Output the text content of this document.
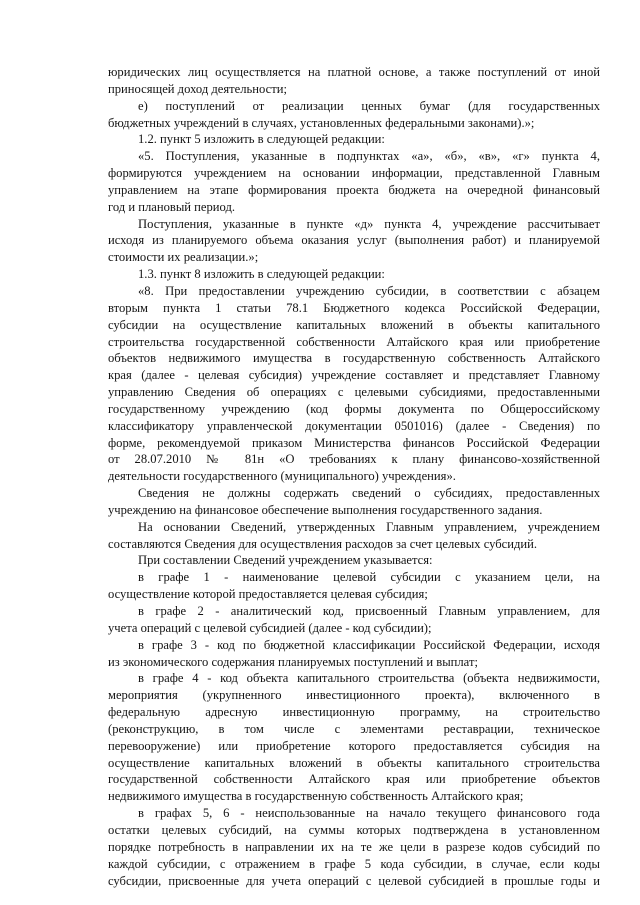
юридических лиц осуществляется на платной основе, а также поступлений от иной
приносящей доход деятельности;
е) поступлений от реализации ценных бумаг (для государственных
бюджетных учреждений в случаях, установленных федеральными законами).»;
1.2. пункт 5 изложить в следующей редакции:
«5. Поступления, указанные в подпунктах «а», «б», «в», «г» пункта 4,
формируются учреждением на основании информации, представленной Главным
управлением на этапе формирования проекта бюджета на очередной финансовый
год и плановый период.
Поступления, указанные в пункте «д» пункта 4, учреждение рассчитывает
исходя из планируемого объема оказания услуг (выполнения работ) и планируемой
стоимости их реализации.»;
1.3. пункт 8 изложить в следующей редакции:
«8. При предоставлении учреждению субсидии, в соответствии с абзацем
вторым пункта 1 статьи 78.1 Бюджетного кодекса Российской Федерации,
субсидии на осуществление капитальных вложений в объекты капитального
строительства государственной собственности Алтайского края или приобретение
объектов недвижимого имущества в государственную собственность Алтайского
края (далее - целевая субсидия) учреждение составляет и представляет Главному
управлению Сведения об операциях с целевыми субсидиями, предоставленными
государственному учреждению (код формы документа по Общероссийскому
классификатору управленческой документации 0501016) (далее - Сведения) по
форме, рекомендуемой приказом Министерства финансов Российской Федерации
от 28.07.2010 № 81н «О требованиях к плану финансово-хозяйственной
деятельности государственного (муниципального) учреждения».
Сведения не должны содержать сведений о субсидиях, предоставленных
учреждению на финансовое обеспечение выполнения государственного задания.
На основании Сведений, утвержденных Главным управлением, учреждением
составляются Сведения для осуществления расходов за счет целевых субсидий.
При составлении Сведений учреждением указывается:
в графе 1 - наименование целевой субсидии с указанием цели, на
осуществление которой предоставляется целевая субсидия;
в графе 2 - аналитический код, присвоенный Главным управлением, для
учета операций с целевой субсидией (далее - код субсидии);
в графе 3 - код по бюджетной классификации Российской Федерации, исходя
из экономического содержания планируемых поступлений и выплат;
в графе 4 - код объекта капитального строительства (объекта недвижимости,
мероприятия (укрупненного инвестиционного проекта), включенного в
федеральную адресную инвестиционную программу, на строительство
(реконструкцию, в том числе с элементами реставрации, техническое
перевооружение) или приобретение которого предоставляется субсидия на
осуществление капитальных вложений в объекты капитального строительства
государственной собственности Алтайского края или приобретение объектов
недвижимого имущества в государственную собственность Алтайского края;
в графах 5, 6 - неиспользованные на начало текущего финансового года
остатки целевых субсидий, на суммы которых подтверждена в установленном
порядке потребность в направлении их на те же цели в разрезе кодов субсидий по
каждой субсидии, с отражением в графе 5 кода субсидии, в случае, если коды
субсидии, присвоенные для учета операций с целевой субсидией в прошлые годы и
